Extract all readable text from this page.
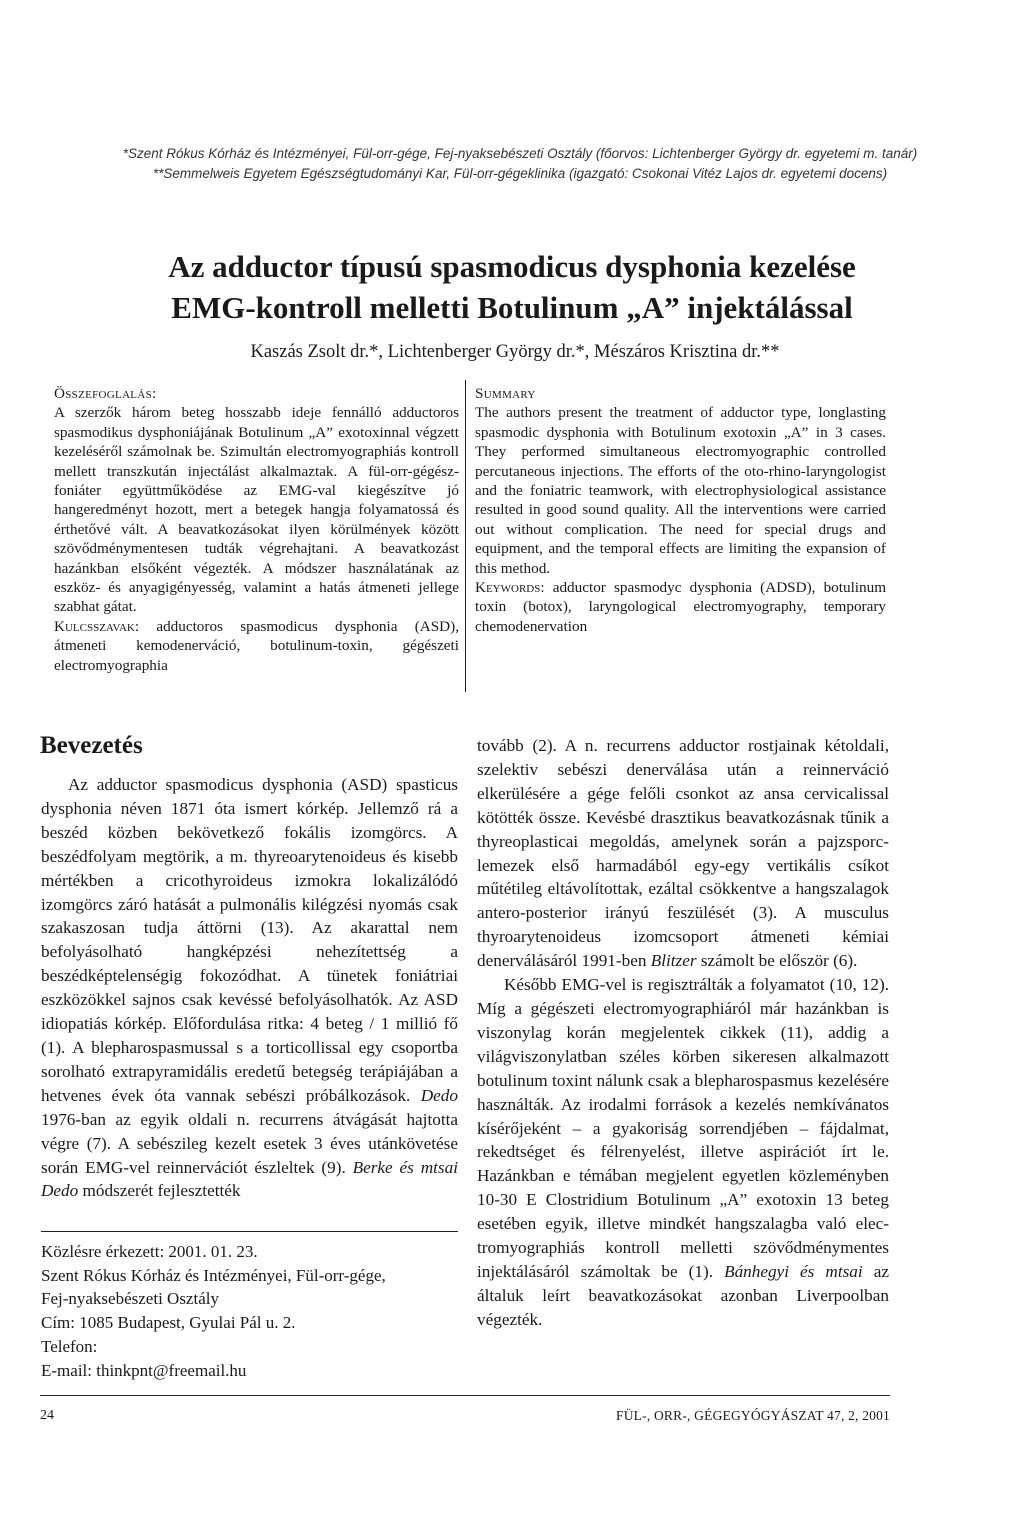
*Szent Rókus Kórház és Intézményei, Fül-orr-gége, Fej-nyaksebészeti Osztály (főorvos: Lichtenberger György dr. egyetemi m. tanár)
**Semmelweis Egyetem Egészségtudományi Kar, Fül-orr-gégeklinika (igazgató: Csokonai Vitéz Lajos dr. egyetemi docens)
Az adductor típusú spasmodicus dysphonia kezelése
EMG-kontroll melletti Botulinum „A” injektálással
Kaszás Zsolt dr.*, Lichtenberger György dr.*, Mészáros Krisztina dr.**
Összefoglalás:
A szerzők három beteg hosszabb ideje fennálló adductoros spasmodikus dysphoniájának Botulinum „A” exotoxinnal végzett kezeléséről számolnak be. Szimultán electromyographiás kontroll mellett transzkután injectálást alkalmaztak. A fül-orr-gégész-foniáter együttműködése az EMG-val kiegészítve jó hangeredményt hozott, mert a betegek hangja folyamatossá és érthetővé vált. A beavatkozásokat ilyen körülmények között szövődménymentesen tudták végrehajtani. A beavatkozást hazánkban elsőként végezték. A módszer használatának az eszköz- és anyagigényesség, valamint a hatás átmeneti jellege szabhat gátat.
Kulcsszavak: adductoros spasmodicus dysphonia (ASD), átmeneti kemodenerváció, botulinum-toxin, gégészeti electromyographia
Summary
The authors present the treatment of adductor type, longlasting spasmodic dysphonia with Botulinum exotoxin „A” in 3 cases. They performed simultaneous electromyographic controlled percutaneous injections. The efforts of the oto-rhino-laryngologist and the foniatric teamwork, with electrophysiological assistance resulted in good sound quality. All the interventions were carried out without complication. The need for special drugs and equipment, and the temporal effects are limiting the expansion of this method.
Keywords: adductor spasmodyc dysphonia (ADSD), botulinum toxin (botox), laryngological electromyography, temporary chemodenervation
Bevezetés

Az adductor spasmodicus dysphonia (ASD) spasticus dysphonia néven 1871 óta ismert kórkép. Jellemző rá a beszéd közben bekövetkező fokális izomgörcs. A beszédfolyam megtörik, a m. thyreoarytenoideus és kisebb mértékben a cricothyroideus izmokra lokalizálódó izomgörcs záró hatását a pulmonális kilégzési nyomás csak szakaszosan tudja áttörni (13). Az akarattal nem befolyásolható hangképzési nehezítettség a beszédképtelenségig fokozódhat. A tünetek foniátriai eszközökkel sajnos csak kevéssé befolyásolhatók. Az ASD idiopatiás kórkép. Előfordulása ritka: 4 beteg / 1 millió fő (1). A blepharospasmussal s a torticollissal egy csoportba sorolható extrapyramidális eredetű betegség terápiájában a hetvenes évek óta vannak sebészi próbálkozások. Dedo 1976-ban az egyik oldali n. recurrens átvágását hajtotta végre (7). A sebészileg kezelt esetek 3 éves utánkövetése során EMG-vel reinnervációt észleltek (9). Berke és mtsai Dedo módszerét fejlesztették

Közlésre érkezett: 2001. 01. 23.
Szent Rókus Kórház és Intézményei, Fül-orr-gége,
Fej-nyaksebészeti Osztály
Cím: 1085 Budapest, Gyulai Pál u. 2.
Telefon:
E-mail: thinkpnt@freemail.hu

tovább (2). A n. recurrens adductor rostjainak kétoldali, szelektiv sebészi denerválása után a reinnerváció elkerülésére a gége felőli csonkot az ansa cervicalissal kötötték össze. Kevésbé drasztikus beavatkozásnak tűnik a thyreoplasticai megoldás, amelynek során a pajzsporc-lemezek első harmadából egy-egy vertikális csíkot műtétileg eltávolítottak, ezáltal csökkentve a hangszalagok antero-posterior irányú feszülését (3). A musculus thyroarytenoideus izomcsoport átmeneti kémiai denerválásáról 1991-ben Blitzer számolt be először (6).

Később EMG-vel is regisztrálták a folyamatot (10, 12). Míg a gégészeti electromyographiáról már hazánkban is viszonylag korán megjelentek cikkek (11), addig a világviszonylatban széles körben sikeresen alkalmazott botulinum toxint nálunk csak a blepharospasmus kezelésére használták. Az irodalmi források a kezelés nemkívánatos kísérőjeként – a gyakoriság sorrendjében – fájdalmat, rekedtséget és félrenyelést, illetve aspirációt írt le. Hazánkban e témában megjelent egyetlen közleményben 10-30 E Clostridium Botulinum „A” exotoxin 13 beteg esetében egyik, illetve mindkét hangszalagba való electromyographiás kontroll melletti szövődménymentes injektálásáról számoltak be (1). Bánhegyi és mtsai az általuk leírt beavatkozásokat azonban Liverpoolban végezték.

24	FÜL-, ORR-, GÉGEGYÓGYÁSZAT 47, 2, 2001
